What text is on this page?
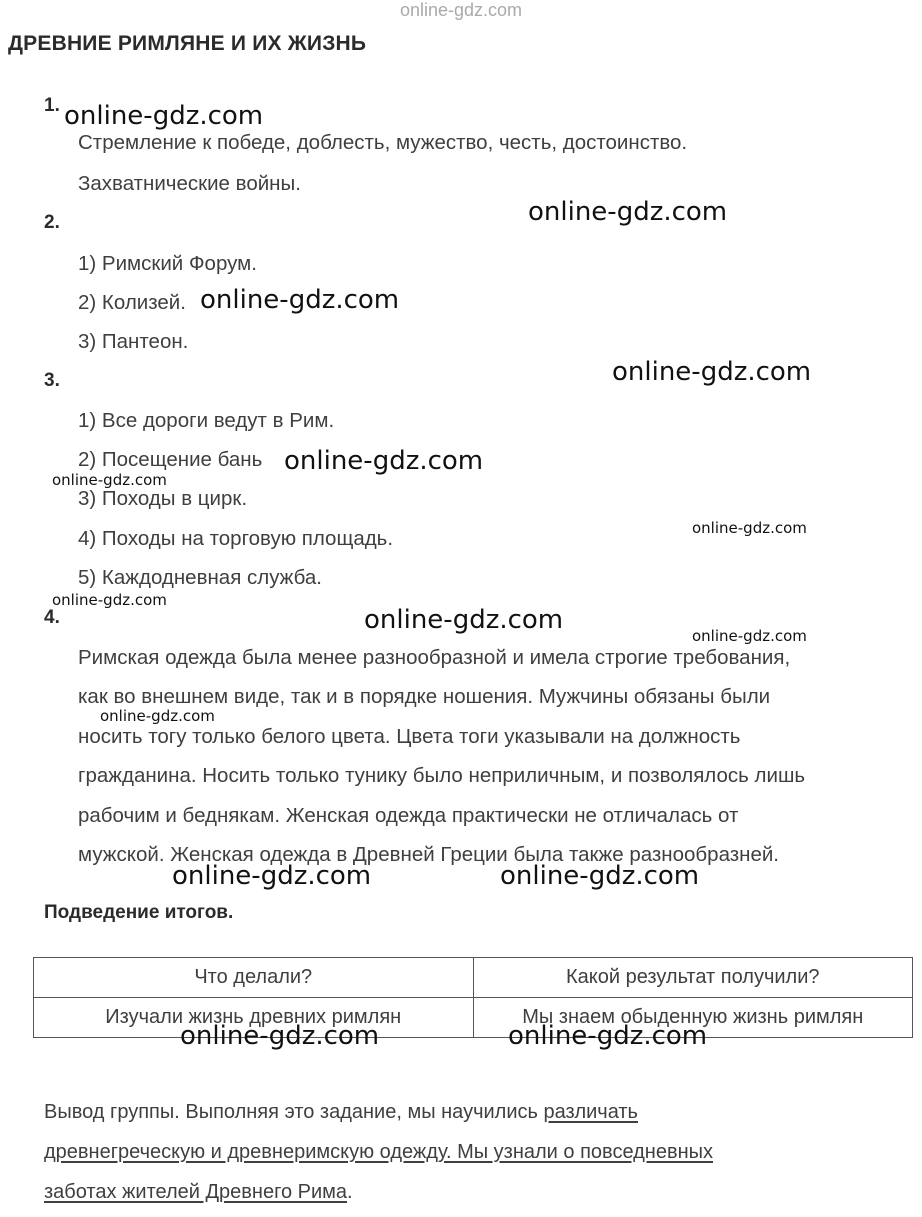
online-gdz.com
ДРЕВНИЕ РИМЛЯНЕ И ИХ ЖИЗНЬ
1.
Стремление к победе, доблесть, мужество, честь, достоинство.
Захватнические войны.
2.
1) Римский Форум.
2) Колизей.
3) Пантеон.
3.
1) Все дороги ведут в Рим.
2) Посещение бань
3) Походы в цирк.
4) Походы на торговую площадь.
5) Каждодневная служба.
4.
Римская одежда была менее разнообразной и имела строгие требования,
как во внешнем виде, так и в порядке ношения. Мужчины обязаны были
носить тогу только белого цвета. Цвета тоги указывали на должность
гражданина. Носить только тунику было неприличным, и позволялось лишь
рабочим и беднякам. Женская одежда практически не отличалась от
мужской. Женская одежда в Древней Греции была также разнообразней.
Подведение итогов.
Что делали?	Какой результат получили?
Изучали жизнь древних римлян	Мы знаем обыденную жизнь римлян
Вывод группы. Выполняя это задание, мы научились различать
древнегреческую и древнеримскую одежду. Мы узнали о повседневных
заботах жителей Древнего Рима.
online-gdz.com
online-gdz.com
online-gdz.com
online-gdz.com
online-gdz.com
online-gdz.com
online-gdz.com
online-gdz.com
online-gdz.com
online-gdz.com
online-gdz.com
online-gdz.com	online-gdz.com
online-gdz.com	online-gdz.com
